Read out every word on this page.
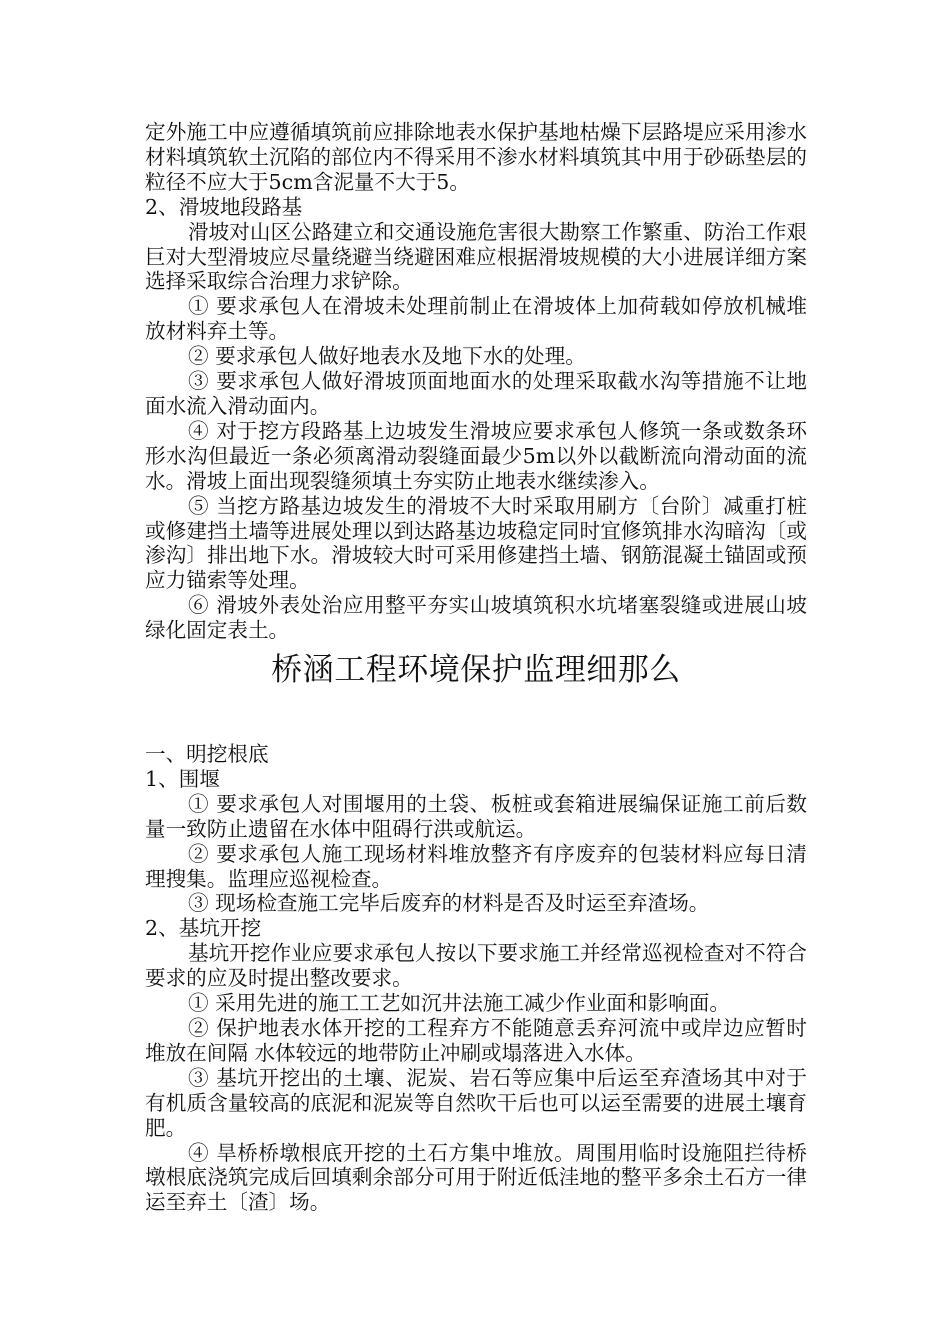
定外施工中应遵循填筑前应排除地表水保护基地枯燥下层路堤应采用渗水材料填筑软土沉陷的部位内不得采用不渗水材料填筑其中用于砂砾垫层的粒径不应大于5cm含泥量不大于5。

2、滑坡地段路基

滑坡对山区公路建立和交通设施危害很大勘察工作繁重、防治工作艰巨对大型滑坡应尽量绕避当绕避困难应根据滑坡规模的大小进展详细方案选择采取综合治理力求铲除。

① 要求承包人在滑坡未处理前制止在滑坡体上加荷载如停放机械堆放材料弃土等。

② 要求承包人做好地表水及地下水的处理。

③ 要求承包人做好滑坡顶面地面水的处理采取截水沟等措施不让地面水流入滑动面内。

④ 对于挖方段路基上边坡发生滑坡应要求承包人修筑一条或数条环形水沟但最近一条必须离滑动裂缝面最少5m以外以截断流向滑动面的流水。滑坡上面出现裂缝须填土夯实防止地表水继续渗入。

⑤ 当挖方路基边坡发生的滑坡不大时采取用刷方〔台阶〕减重打桩或修建挡土墙等进展处理以到达路基边坡稳定同时宜修筑排水沟暗沟〔或渗沟〕排出地下水。滑坡较大时可采用修建挡土墙、钢筋混凝土锚固或预应力锚索等处理。

⑥ 滑坡外表处治应用整平夯实山坡填筑积水坑堵塞裂缝或进展山坡绿化固定表土。

桥涵工程环境保护监理细那么

一、明挖根底

1、围堰

① 要求承包人对围堰用的土袋、板桩或套箱进展编保证施工前后数量一致防止遗留在水体中阻碍行洪或航运。

② 要求承包人施工现场材料堆放整齐有序废弃的包装材料应每日清理搜集。监理应巡视检查。

③ 现场检查施工完毕后废弃的材料是否及时运至弃渣场。

2、基坑开挖

基坑开挖作业应要求承包人按以下要求施工并经常巡视检查对不符合要求的应及时提出整改要求。

① 采用先进的施工工艺如沉井法施工减少作业面和影响面。

② 保护地表水体开挖的工程弃方不能随意丢弃河流中或岸边应暂时堆放在间隔 水体较远的地带防止冲刷或塌落进入水体。

③ 基坑开挖出的土壤、泥炭、岩石等应集中后运至弃渣场其中对于有机质含量较高的底泥和泥炭等自然吹干后也可以运至需要的进展土壤育肥。

④ 旱桥桥墩根底开挖的土石方集中堆放。周围用临时设施阻拦待桥墩根底浇筑完成后回填剩余部分可用于附近低洼地的整平多余土石方一律运至弃土〔渣〕场。
